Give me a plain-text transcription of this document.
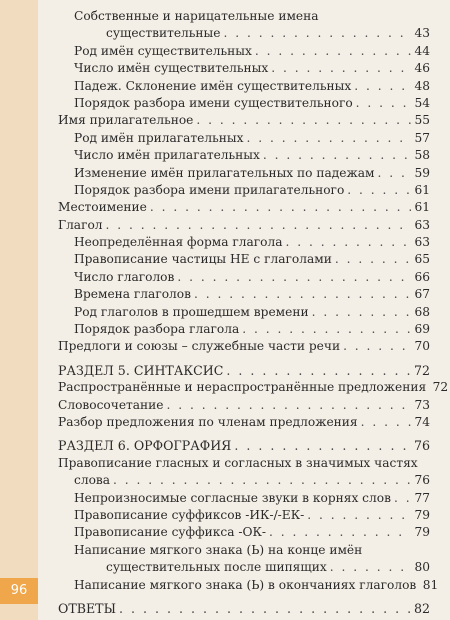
96
Собственные и нарицательные имена
существительные . . .	43
Род имён существительных . . .	44
Число имён существительных . . .	46
Падеж. Склонение имён существительных . . .	48
Порядок разбора имени существительного . . .	54
Имя прилагательное . . .	55
Род имён прилагательных . . .	57
Число имён прилагательных . . .	58
Изменение имён прилагательных по падежам . . .	59
Порядок разбора имени прилагательного . . .	61
Местоимение . . .	61
Глагол . . .	63
Неопределённая форма глагола . . .	63
Правописание частицы НЕ с глаголами . . .	65
Число глаголов . . .	66
Времена глаголов . . .	67
Род глаголов в прошедшем времени . . .	68
Порядок разбора глагола . . .	69
Предлоги и союзы – служебные части речи . . .	70
РАЗДЕЛ 5. СИНТАКСИС . . .	72
Распространённые и нераспространённые предложения 72
Словосочетание . . .	73
Разбор предложения по членам предложения . . .	74
РАЗДЕЛ 6. ОРФОГРАФИЯ . . .	76
Правописание гласных и согласных в значимых частях
слова . . .	76
Непроизносимые согласные звуки в корнях слов . . . 77
Правописание суффиксов -ИК-/-ЕК- . . .	79
Правописание суффикса -ОК- . . .	79
Написание мягкого знака (Ь) на конце имён
существительных после шипящих . . .	80
Написание мягкого знака (Ь) в окончаниях глаголов 81
ОТВЕТЫ . . .	82
